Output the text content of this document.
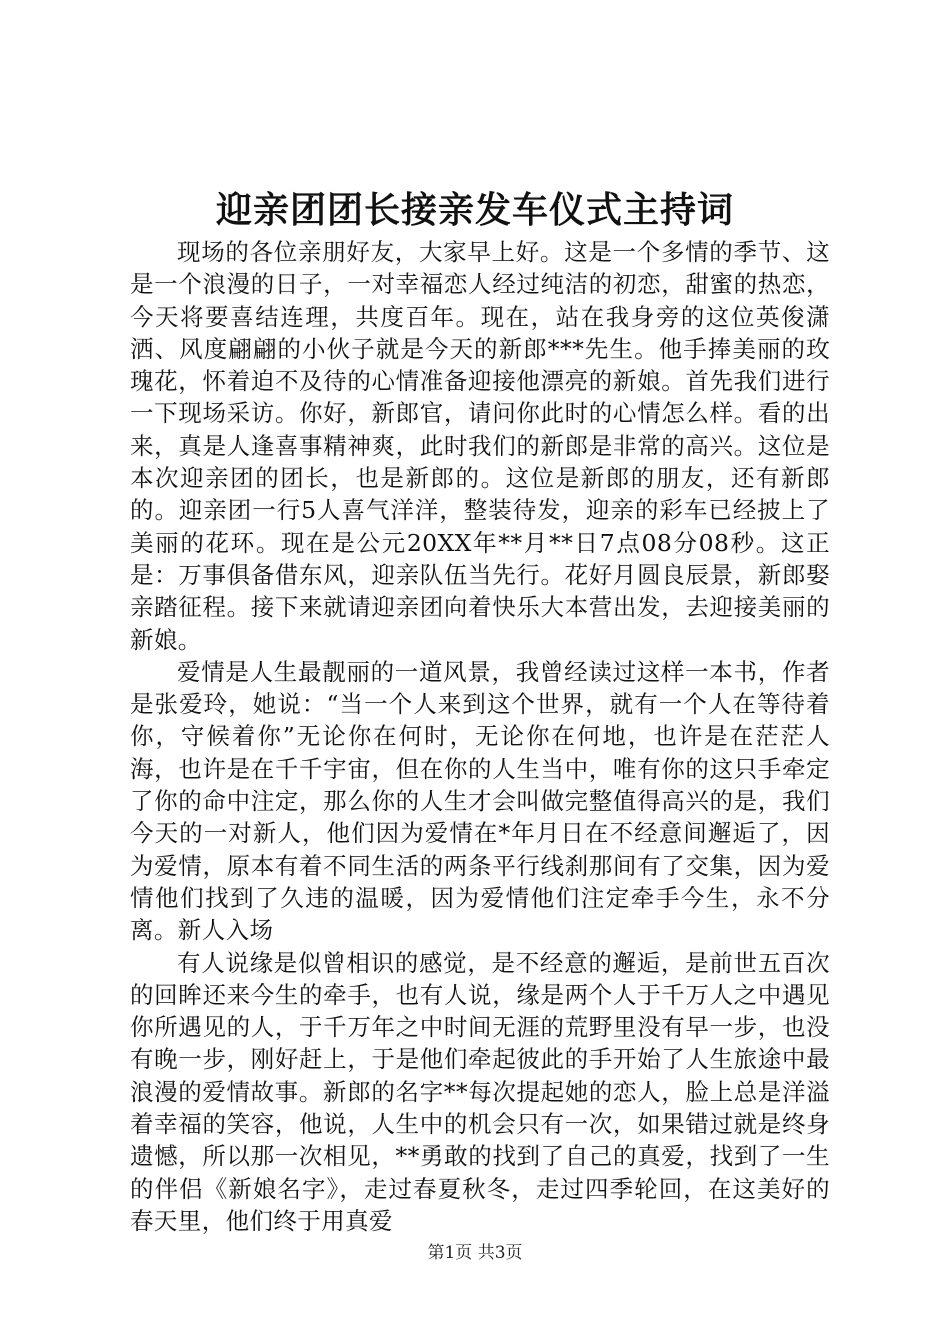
迎亲团团长接亲发车仪式主持词

现场的各位亲朋好友，大家早上好。这是一个多情的季节、这是一个浪漫的日子，一对幸福恋人经过纯洁的初恋，甜蜜的热恋，今天将要喜结连理，共度百年。现在，站在我身旁的这位英俊潇洒、风度翩翩的小伙子就是今天的新郎***先生。他手捧美丽的玫瑰花，怀着迫不及待的心情准备迎接他漂亮的新娘。首先我们进行一下现场采访。你好，新郎官，请问你此时的心情怎么样。看的出来，真是人逢喜事精神爽，此时我们的新郎是非常的高兴。这位是本次迎亲团的团长，也是新郎的。这位是新郎的朋友，还有新郎的。迎亲团一行5人喜气洋洋，整装待发，迎亲的彩车已经披上了美丽的花环。现在是公元20XX年**月**日7点08分08秒。这正是：万事俱备借东风，迎亲队伍当先行。花好月圆良辰景，新郎娶亲踏征程。接下来就请迎亲团向着快乐大本营出发，去迎接美丽的新娘。

爱情是人生最靓丽的一道风景，我曾经读过这样一本书，作者是张爱玲，她说：“当一个人来到这个世界，就有一个人在等待着你，守候着你”无论你在何时，无论你在何地，也许是在茫茫人海，也许是在千千宇宙，但在你的人生当中，唯有你的这只手牵定了你的命中注定，那么你的人生才会叫做完整值得高兴的是，我们今天的一对新人，他们因为爱情在*年月日在不经意间邂逅了，因为爱情，原本有着不同生活的两条平行线刹那间有了交集，因为爱情他们找到了久违的温暖，因为爱情他们注定牵手今生，永不分离。新人入场

有人说缘是似曾相识的感觉，是不经意的邂逅，是前世五百次的回眸还来今生的牵手，也有人说，缘是两个人于千万人之中遇见你所遇见的人，于千万年之中时间无涯的荒野里没有早一步，也没有晚一步，刚好赶上，于是他们牵起彼此的手开始了人生旅途中最浪漫的爱情故事。新郎的名字**每次提起她的恋人，脸上总是洋溢着幸福的笑容，他说，人生中的机会只有一次，如果错过就是终身遗憾，所以那一次相见，**勇敢的找到了自己的真爱，找到了一生的伴侣《新娘名字》，走过春夏秋冬，走过四季轮回，在这美好的春天里，他们终于用真爱

第1页 共3页
